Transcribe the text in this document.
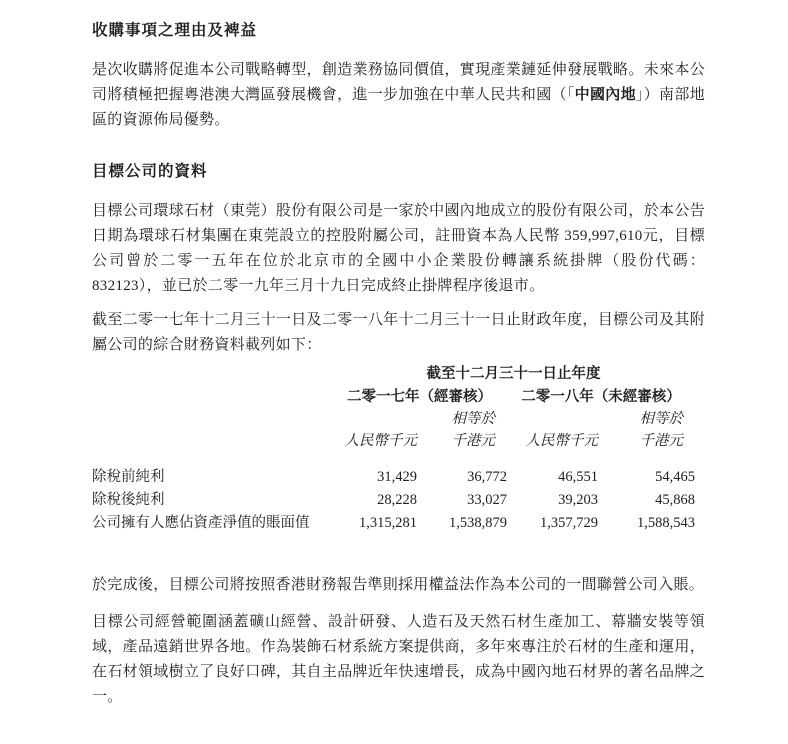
收購事項之理由及裨益

是次收購將促進本公司戰略轉型，創造業務協同價值，實現產業鏈延伸發展戰略。未來本公司將積極把握粵港澳大灣區發展機會，進一步加強在中華人民共和國（「中國內地」）南部地區的資源佈局優勢。

目標公司的資料

目標公司環球石材（東莞）股份有限公司是一家於中國內地成立的股份有限公司，於本公告日期為環球石材集團在東莞設立的控股附屬公司，註冊資本為人民幣 359,997,610元，目標公司曾於二零一五年在位於北京市的全國中小企業股份轉讓系統掛牌（股份代碼：832123），並已於二零一九年三月十九日完成終止掛牌程序後退市。

截至二零一七年十二月三十一日及二零一八年十二月三十一日止財政年度，目標公司及其附屬公司的綜合財務資料載列如下：

	截至十二月三十一日止年度			
	二零一七年（經審核）		二零一八年（未經審核）	
		相等於		相等於
	人民幣千元	千港元	人民幣千元	千港元
除稅前純利	31,429	36,772	46,551	54,465
除稅後純利	28,228	33,027	39,203	45,868
公司擁有人應佔資產淨值的賬面值	1,315,281	1,538,879	1,357,729	1,588,543

於完成後，目標公司將按照香港財務報告準則採用權益法作為本公司的一間聯營公司入賬。

目標公司經營範圍涵蓋礦山經營、設計研發、人造石及天然石材生產加工、幕牆安裝等領域，產品遠銷世界各地。作為裝飾石材系統方案提供商，多年來專注於石材的生產和運用，在石材領域樹立了良好口碑，其自主品牌近年快速增長，成為中國內地石材界的著名品牌之一。
